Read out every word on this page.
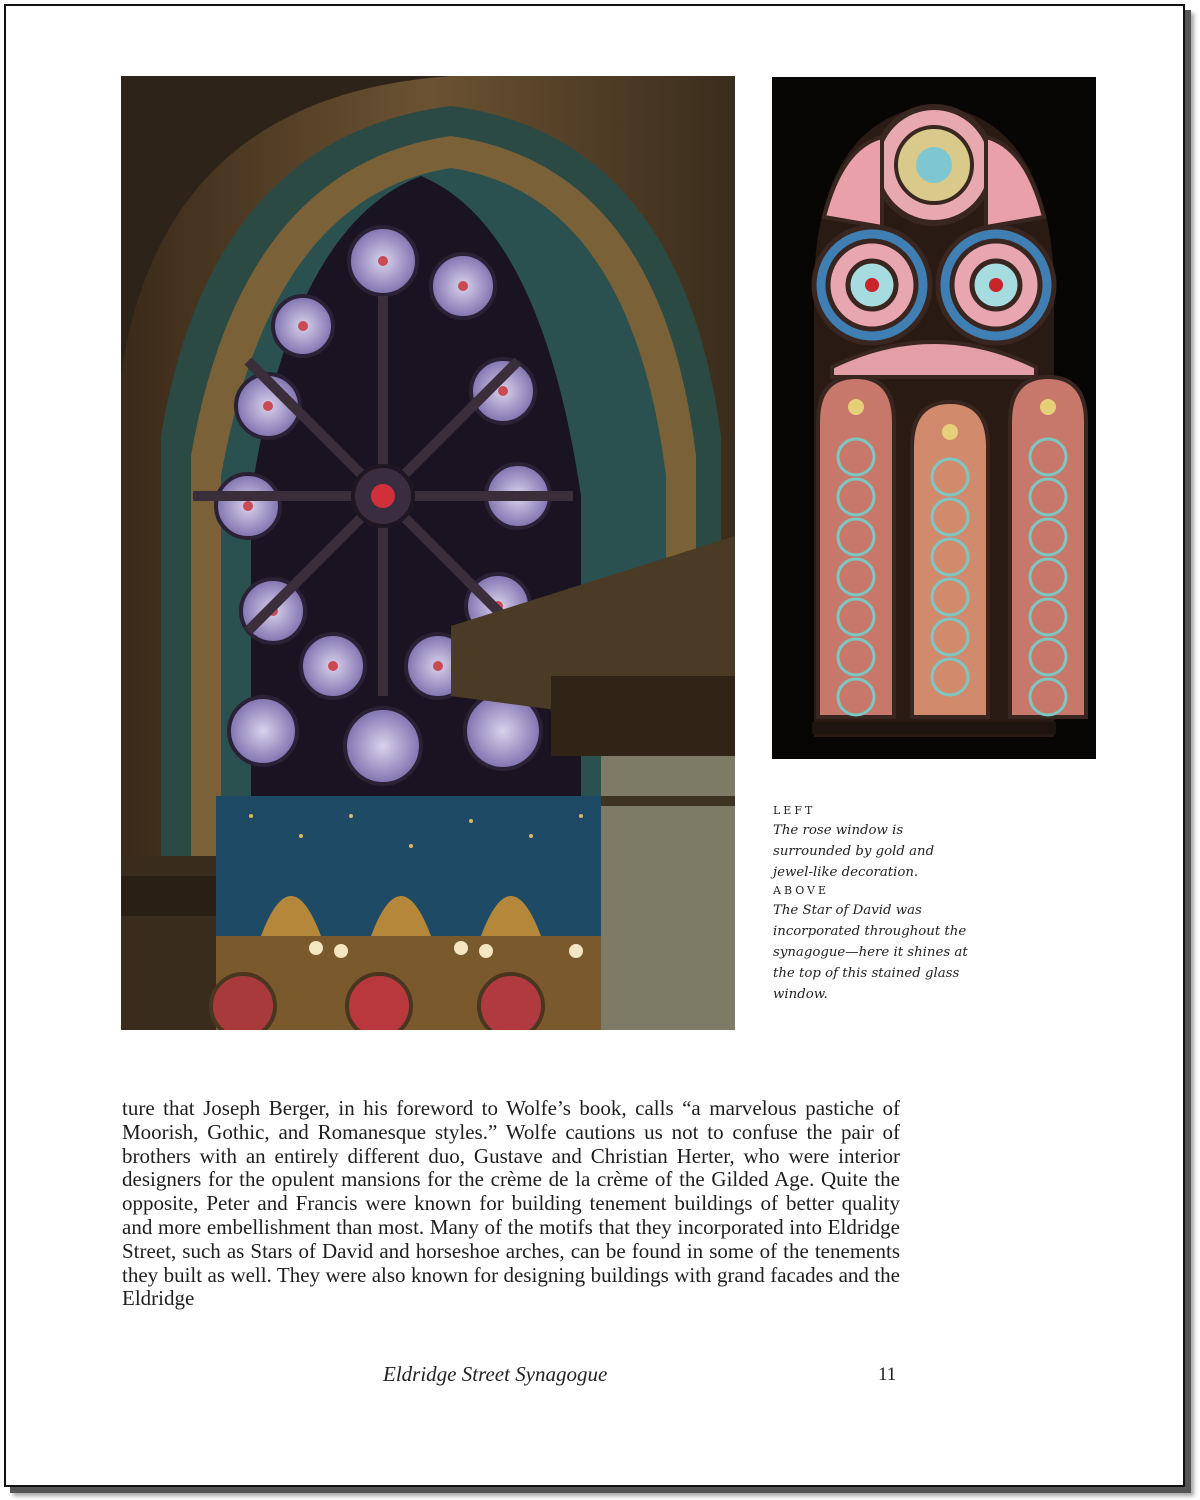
LEFT
The rose window is surrounded by gold and jewel-like decoration.
ABOVE
The Star of David was incorporated throughout the synagogue—here it shines at the top of this stained glass window.

ture that Joseph Berger, in his foreword to Wolfe’s book, calls “a marvelous pastiche of Moorish, Gothic, and Romanesque styles.” Wolfe cautions us not to confuse the pair of brothers with an entirely different duo, Gustave and Christian Herter, who were interior designers for the opulent mansions for the crème de la crème of the Gilded Age. Quite the opposite, Peter and Francis were known for building tenement buildings of better quality and more embellishment than most. Many of the motifs that they incorporated into Eldridge Street, such as Stars of David and horseshoe arches, can be found in some of the tenements they built as well. They were also known for designing buildings with grand facades and the Eldridge

Eldridge Street Synagogue	11
